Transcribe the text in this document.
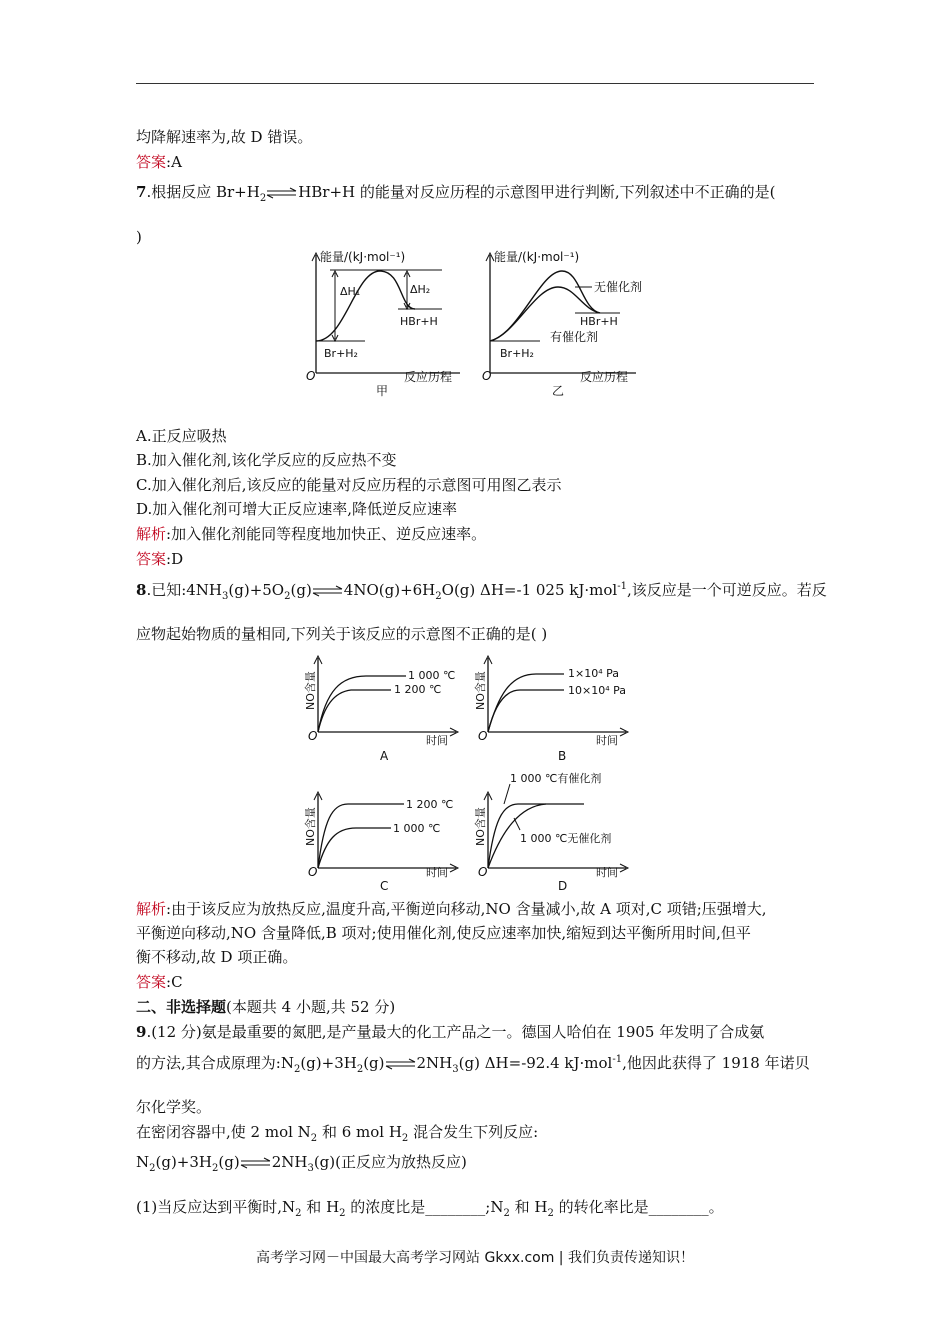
均降解速率为,故 D 错误。
答案:A
7.根据反应 $Br+H_2\rightleftharpoons HBr+H$ 的能量对反应历程的示意图甲进行判断,下列叙述中不正确的是(
)
能量/(kJ·mol⁻¹)
ΔH₁	ΔH₂
HBr+H
Br+H₂
O	反应历程
甲
能量/(kJ·mol⁻¹)
无催化剂
HBr+H
有催化剂
Br+H₂
O	反应历程
乙
A.正反应吸热
B.加入催化剂,该化学反应的反应热不变
C.加入催化剂后,该反应的能量对反应历程的示意图可用图乙表示
D.加入催化剂可增大正反应速率,降低逆反应速率
解析:加入催化剂能同等程度地加快正、逆反应速率。
答案:D
8.已知$:4NH_3(g)+5O_2(g)\rightleftharpoons 4NO(g)+6H_2O(g)$ ΔH=-1 025 kJ·mol$^{-1}$,该反应是一个可逆反应。若反
应物起始物质的量相同,下列关于该反应的示意图不正确的是( )
NO含量	1 000 ℃
1 200 ℃
O	时间
A
NO含量	1×10⁴ Pa
10×10⁴ Pa
O	时间
B
NO含量
1 200 ℃
1 000 ℃
O	时间
C
NO含量
1 000 ℃有催化剂
1 000 ℃无催化剂
O	时间
D
解析:由于该反应为放热反应,温度升高,平衡逆向移动,NO 含量减小,故 A 项对,C 项错;压强增大,
平衡逆向移动,NO 含量降低,B 项对;使用催化剂,使反应速率加快,缩短到达平衡所用时间,但平
衡不移动,故 D 项正确。
答案:C
二、非选择题(本题共 4 小题,共 52 分)
9.(12 分)氨是最重要的氮肥,是产量最大的化工产品之一。德国人哈伯在 1905 年发明了合成氨
的方法,其合成原理为$:N_2(g)+3H_2(g)\rightleftharpoons 2NH_3(g)$ ΔH=-92.4 kJ·mol$^{-1}$,他因此获得了 1918 年诺贝
尔化学奖。
在密闭容器中,使 2 mol $N_2$ 和 6 mol $H_2$ 混合发生下列反应:
$N_2(g)+3H_2(g)\rightleftharpoons 2NH_3(g)$(正反应为放热反应)
(1)当反应达到平衡时$,N_2$ 和 $H_2$ 的浓度比是$\_\_\_\_\_\_\_\_;N_2$ 和 $H_2$ 的转化率比是________。
高考学习网－中国最大高考学习网站 Gkxx.com | 我们负责传递知识！
